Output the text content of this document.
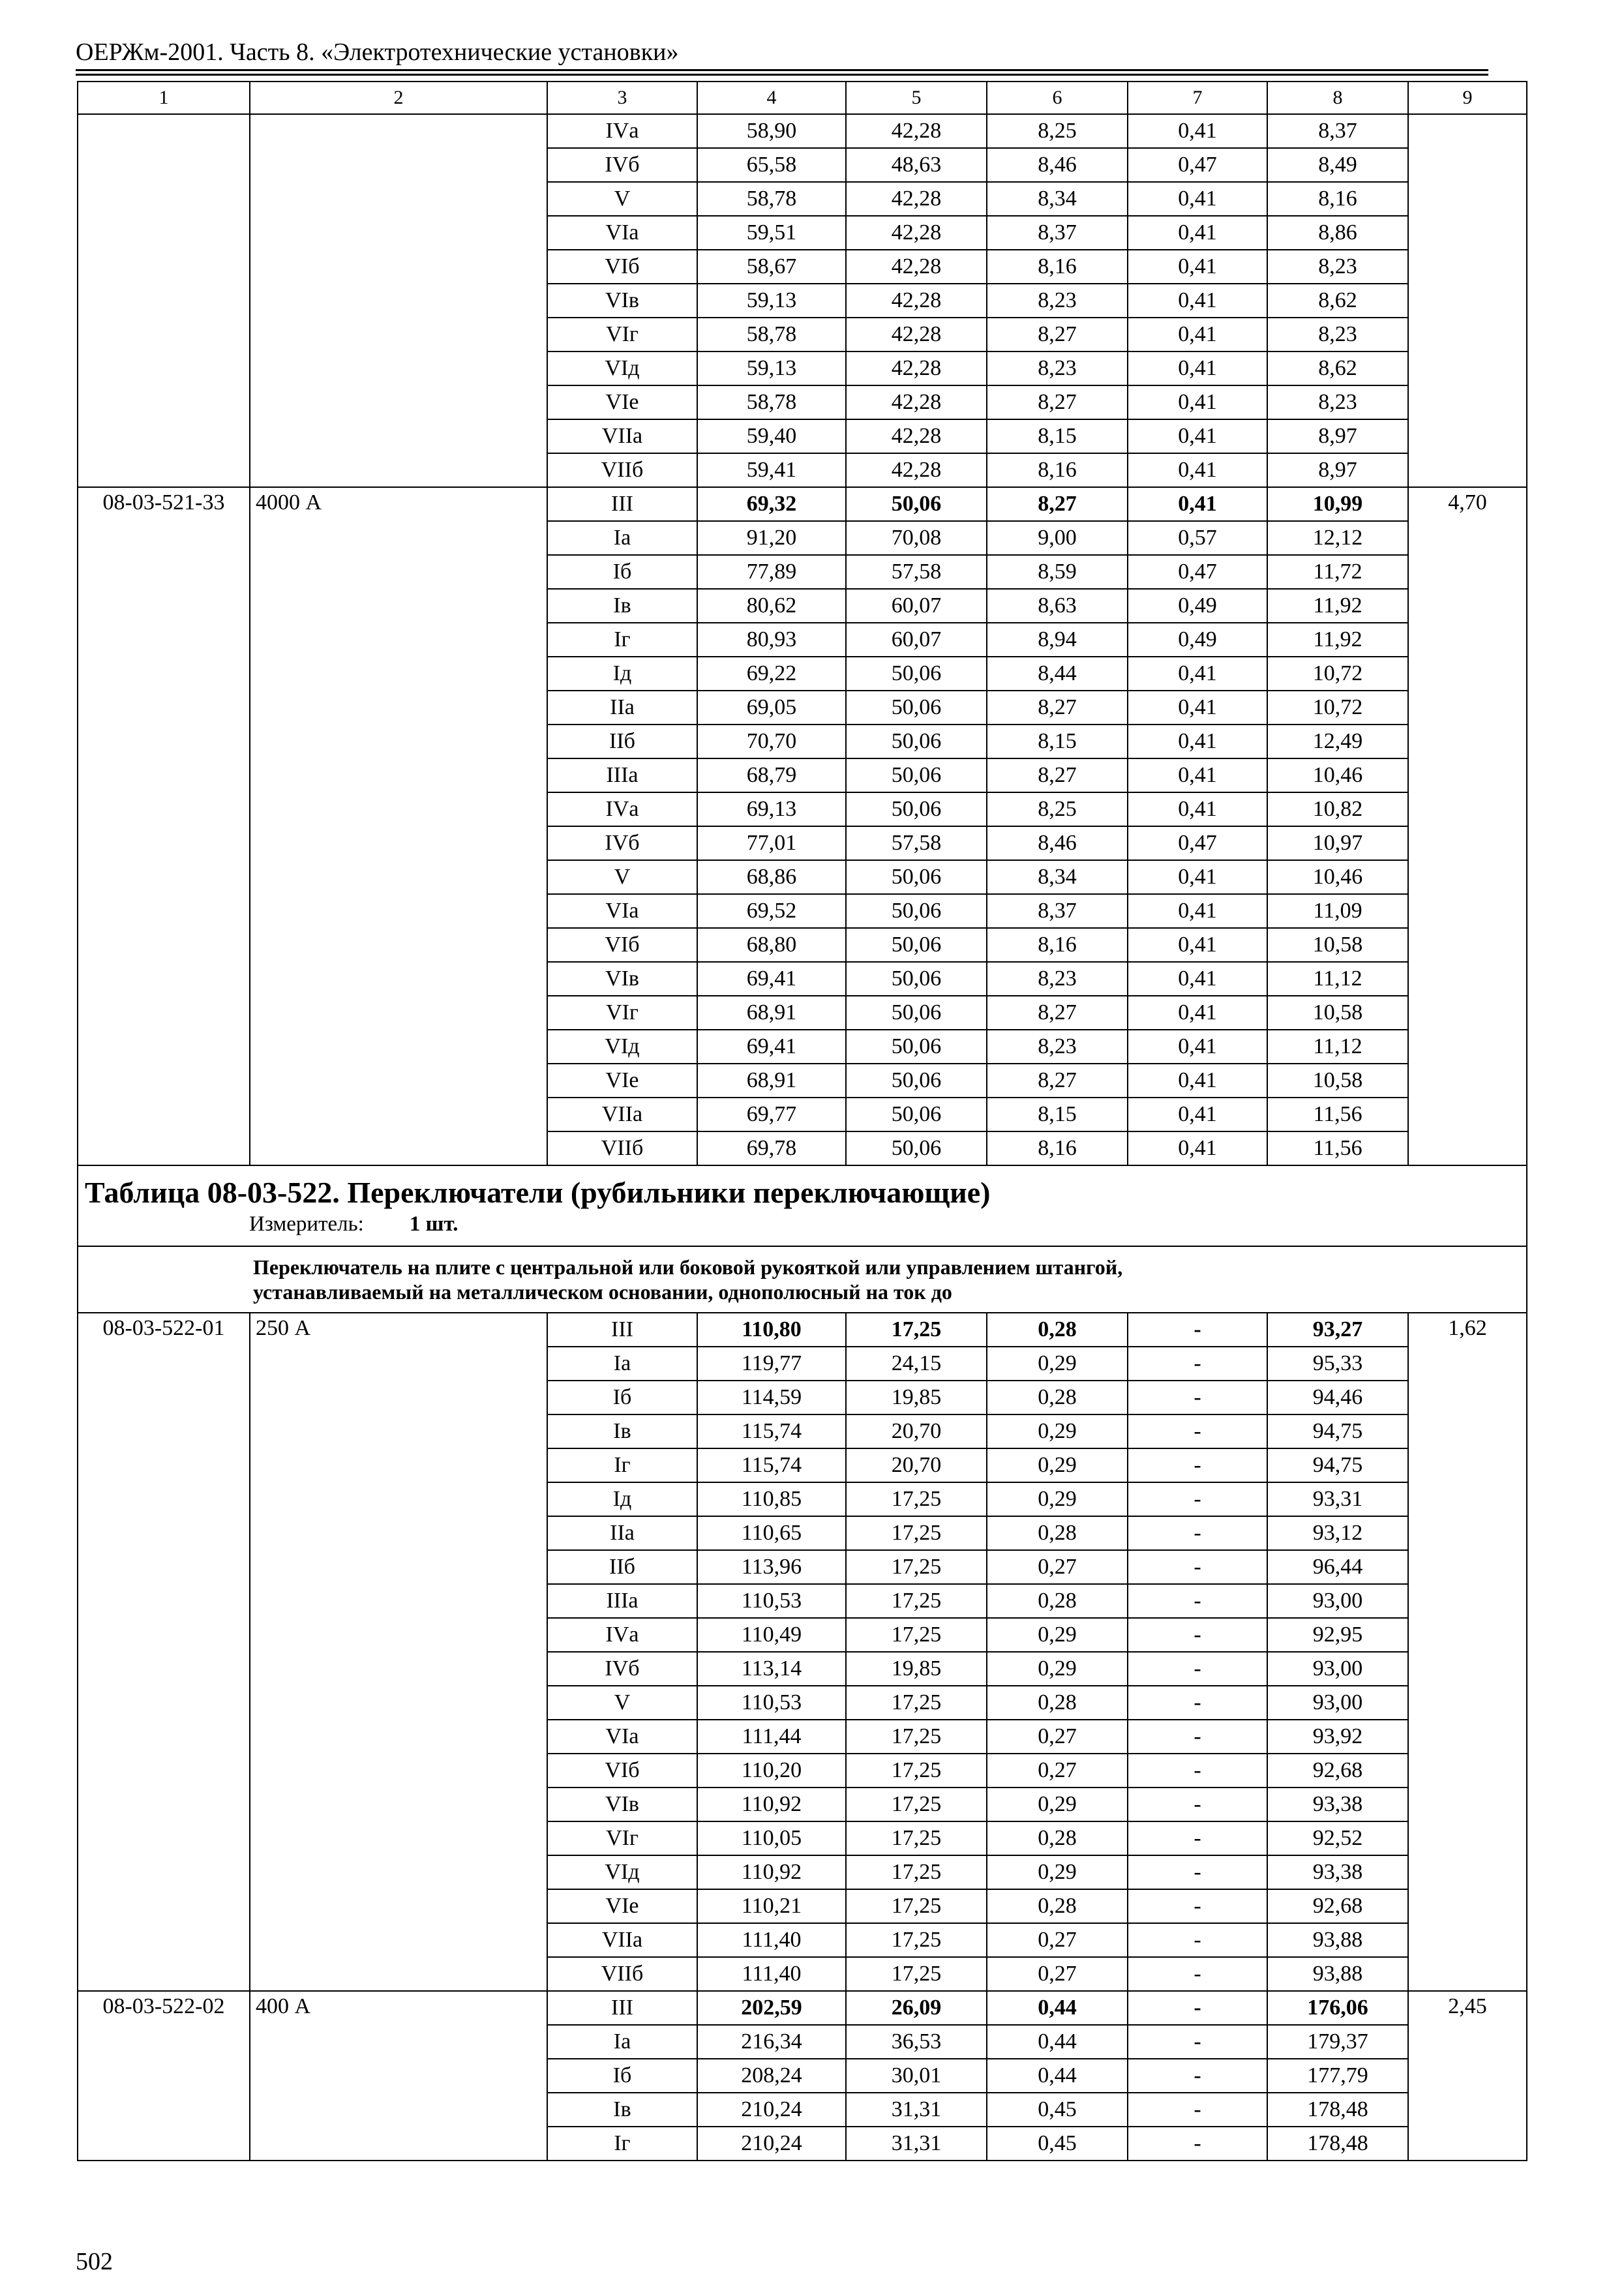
ОЕРЖм-2001. Часть 8. «Электротехнические установки»
1	2	3	4	5	6	7	8	9
		IVа	58,90	42,28	8,25	0,41	8,37	
		IVб	65,58	48,63	8,46	0,47	8,49	
		V	58,78	42,28	8,34	0,41	8,16	
		VIа	59,51	42,28	8,37	0,41	8,86	
		VIб	58,67	42,28	8,16	0,41	8,23	
		VIв	59,13	42,28	8,23	0,41	8,62	
		VIг	58,78	42,28	8,27	0,41	8,23	
		VIд	59,13	42,28	8,23	0,41	8,62	
		VIе	58,78	42,28	8,27	0,41	8,23	
		VIIа	59,40	42,28	8,15	0,41	8,97	
		VIIб	59,41	42,28	8,16	0,41	8,97	
08-03-521-33	4000 А	III	69,32	50,06	8,27	0,41	10,99	4,70
		Iа	91,20	70,08	9,00	0,57	12,12	
		Iб	77,89	57,58	8,59	0,47	11,72	
		Iв	80,62	60,07	8,63	0,49	11,92	
		Iг	80,93	60,07	8,94	0,49	11,92	
		Iд	69,22	50,06	8,44	0,41	10,72	
		IIа	69,05	50,06	8,27	0,41	10,72	
		IIб	70,70	50,06	8,15	0,41	12,49	
		IIIа	68,79	50,06	8,27	0,41	10,46	
		IVа	69,13	50,06	8,25	0,41	10,82	
		IVб	77,01	57,58	8,46	0,47	10,97	
		V	68,86	50,06	8,34	0,41	10,46	
		VIа	69,52	50,06	8,37	0,41	11,09	
		VIб	68,80	50,06	8,16	0,41	10,58	
		VIв	69,41	50,06	8,23	0,41	11,12	
		VIг	68,91	50,06	8,27	0,41	10,58	
		VIд	69,41	50,06	8,23	0,41	11,12	
		VIе	68,91	50,06	8,27	0,41	10,58	
		VIIа	69,77	50,06	8,15	0,41	11,56	
		VIIб	69,78	50,06	8,16	0,41	11,56	

Таблица 08-03-522. Переключатели (рубильники переключающие)
Измеритель: 1 шт.								

Переключатель на плите с центральной или боковой рукояткой или управлением штангой,
устанавливаемый на металлическом основании, однополюсный на ток до								

08-03-522-01	250 А	III	110,80	17,25	0,28	-	93,27	1,62
		Iа	119,77	24,15	0,29	-	95,33	
		Iб	114,59	19,85	0,28	-	94,46	
		Iв	115,74	20,70	0,29	-	94,75	
		Iг	115,74	20,70	0,29	-	94,75	
		Iд	110,85	17,25	0,29	-	93,31	
		IIа	110,65	17,25	0,28	-	93,12	
		IIб	113,96	17,25	0,27	-	96,44	
		IIIа	110,53	17,25	0,28	-	93,00	
		IVа	110,49	17,25	0,29	-	92,95	
		IVб	113,14	19,85	0,29	-	93,00	
		V	110,53	17,25	0,28	-	93,00	
		VIа	111,44	17,25	0,27	-	93,92	
		VIб	110,20	17,25	0,27	-	92,68	
		VIв	110,92	17,25	0,29	-	93,38	
		VIг	110,05	17,25	0,28	-	92,52	
		VIд	110,92	17,25	0,29	-	93,38	
		VIе	110,21	17,25	0,28	-	92,68	
		VIIа	111,40	17,25	0,27	-	93,88	
		VIIб	111,40	17,25	0,27	-	93,88	
08-03-522-02	400 А	III	202,59	26,09	0,44	-	176,06	2,45
		Iа	216,34	36,53	0,44	-	179,37	
		Iб	208,24	30,01	0,44	-	177,79	
		Iв	210,24	31,31	0,45	-	178,48	
		Iг	210,24	31,31	0,45	-	178,48	
502
